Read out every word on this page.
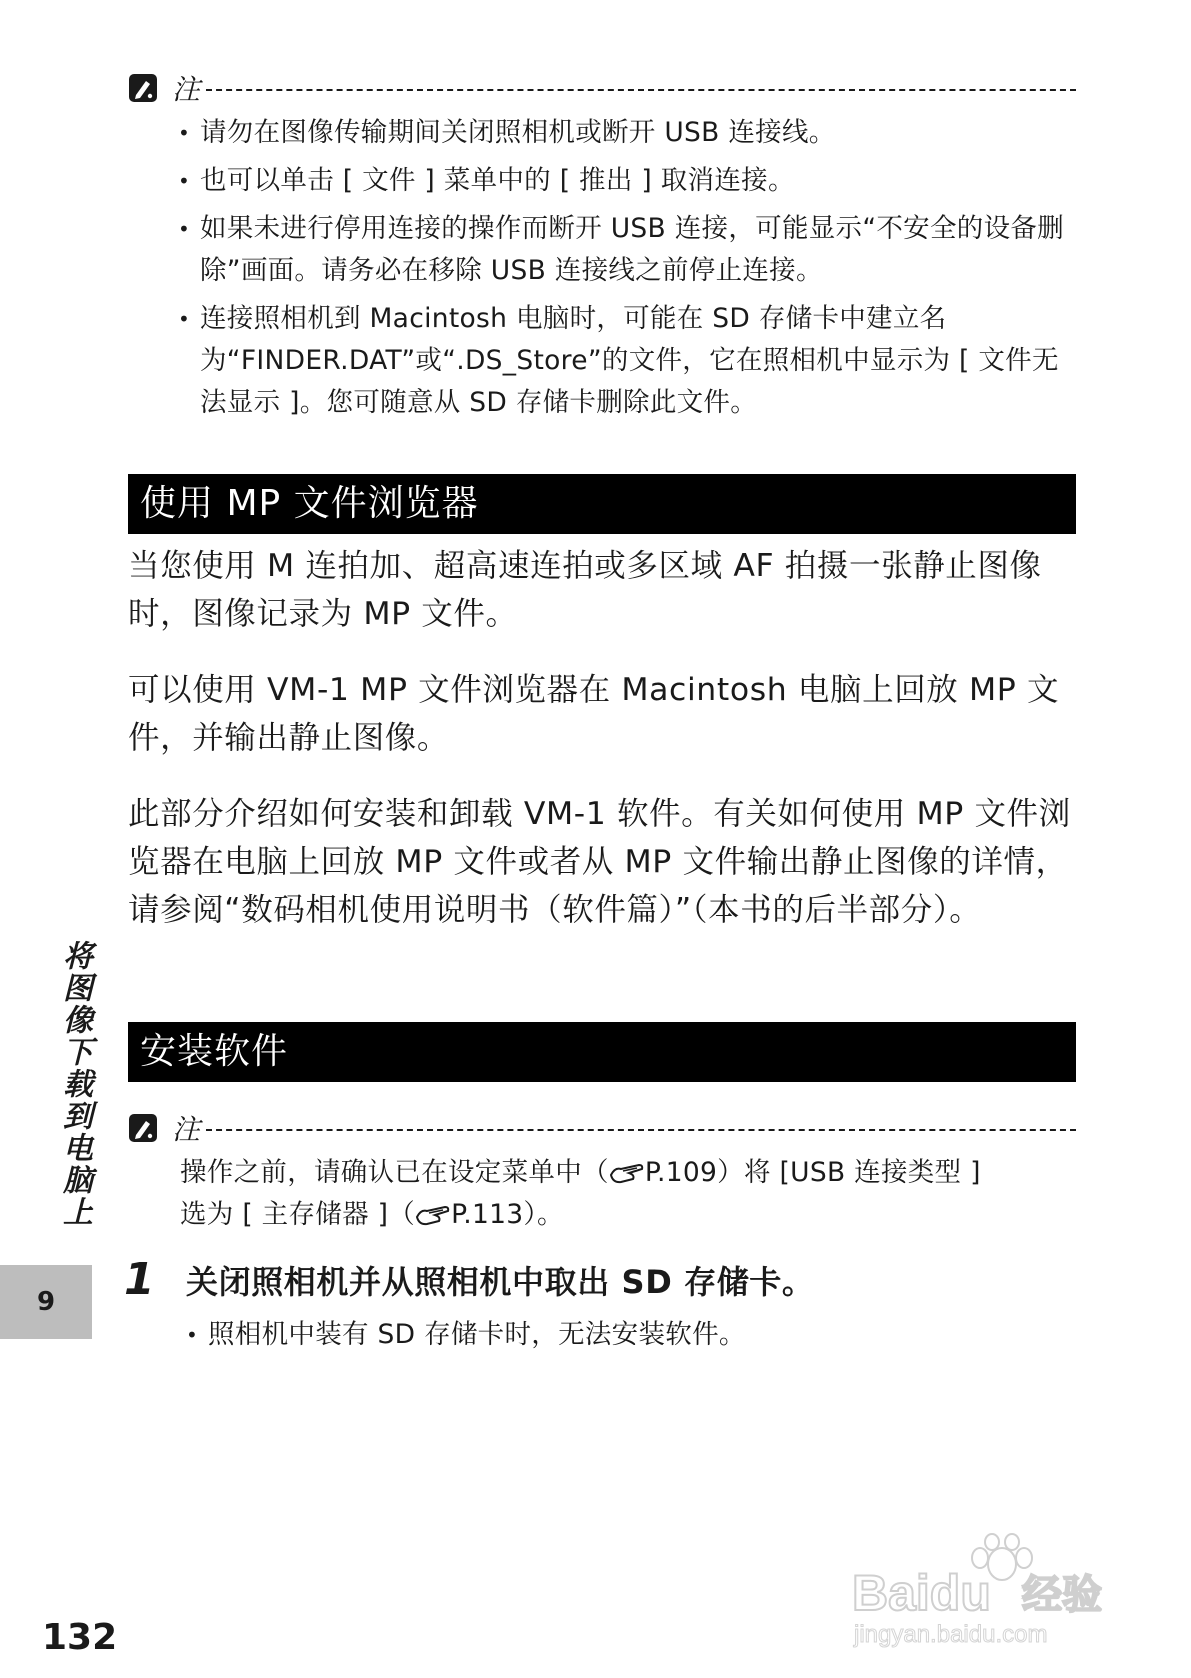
注
• 请勿在图像传输期间关闭照相机或断开 USB 连接线。
• 也可以单击 [ 文件 ] 菜单中的 [ 推出 ] 取消连接。
• 如果未进行停用连接的操作而断开 USB 连接，可能显示“不安全的设备删除”画面。请务必在移除 USB 连接线之前停止连接。
• 连接照相机到 Macintosh 电脑时，可能在 SD 存储卡中建立名为“FINDER.DAT”或“.DS_Store”的文件，它在照相机中显示为 [ 文件无法显示 ]。您可随意从 SD 存储卡删除此文件。
使用 MP 文件浏览器

当您使用 M 连拍加、超高速连拍或多区域 AF 拍摄一张静止图像时，图像记录为 MP 文件。

可以使用 VM-1 MP 文件浏览器在 Macintosh 电脑上回放 MP 文件，并输出静止图像。

此部分介绍如何安装和卸载 VM-1 软件。有关如何使用 MP 文件浏览器在电脑上回放 MP 文件或者从 MP 文件输出静止图像的详情，请参阅“数码相机使用说明书（软件篇）”（本书的后半部分）。

安装软件
注
操作之前，请确认已在设定菜单中（ P.109）将 [USB 连接类型 ]
选为 [ 主存储器 ]（ P.113）。
1 关闭照相机并从照相机中取出 SD 存储卡。
• 照相机中装有 SD 存储卡时，无法安装软件。
将图像下载到电脑上
9
132
Baidu 经验
jingyan.baidu.com
